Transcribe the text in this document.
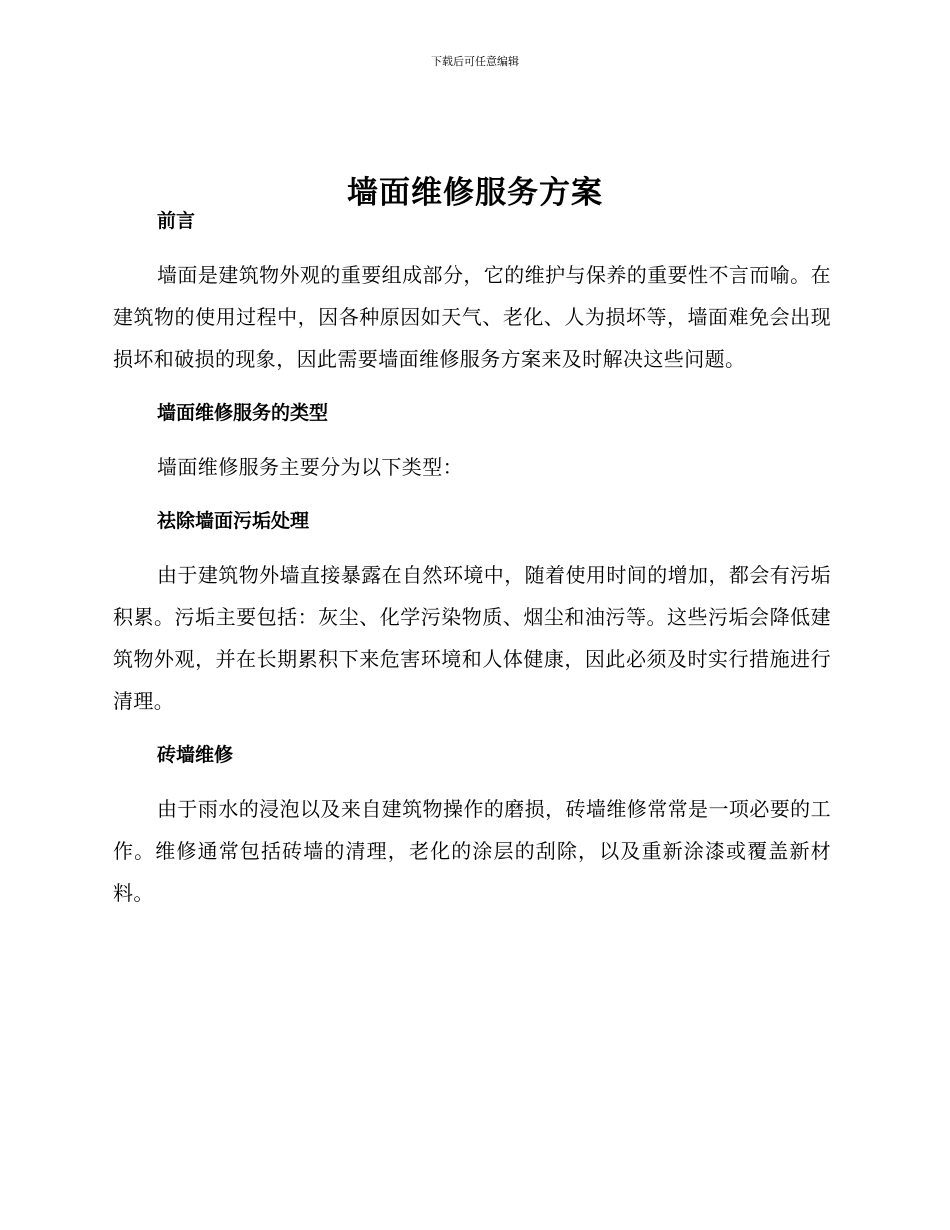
下载后可任意编辑
墙面维修服务方案
前言

墙面是建筑物外观的重要组成部分，它的维护与保养的重要性不言而喻。在建筑物的使用过程中，因各种原因如天气、老化、人为损坏等，墙面难免会出现损坏和破损的现象，因此需要墙面维修服务方案来及时解决这些问题。

墙面维修服务的类型

墙面维修服务主要分为以下类型：

祛除墙面污垢处理

由于建筑物外墙直接暴露在自然环境中，随着使用时间的增加，都会有污垢积累。污垢主要包括：灰尘、化学污染物质、烟尘和油污等。这些污垢会降低建筑物外观，并在长期累积下来危害环境和人体健康，因此必须及时实行措施进行清理。

砖墙维修

由于雨水的浸泡以及来自建筑物操作的磨损，砖墙维修常常是一项必要的工作。维修通常包括砖墙的清理，老化的涂层的刮除，以及重新涂漆或覆盖新材料。
